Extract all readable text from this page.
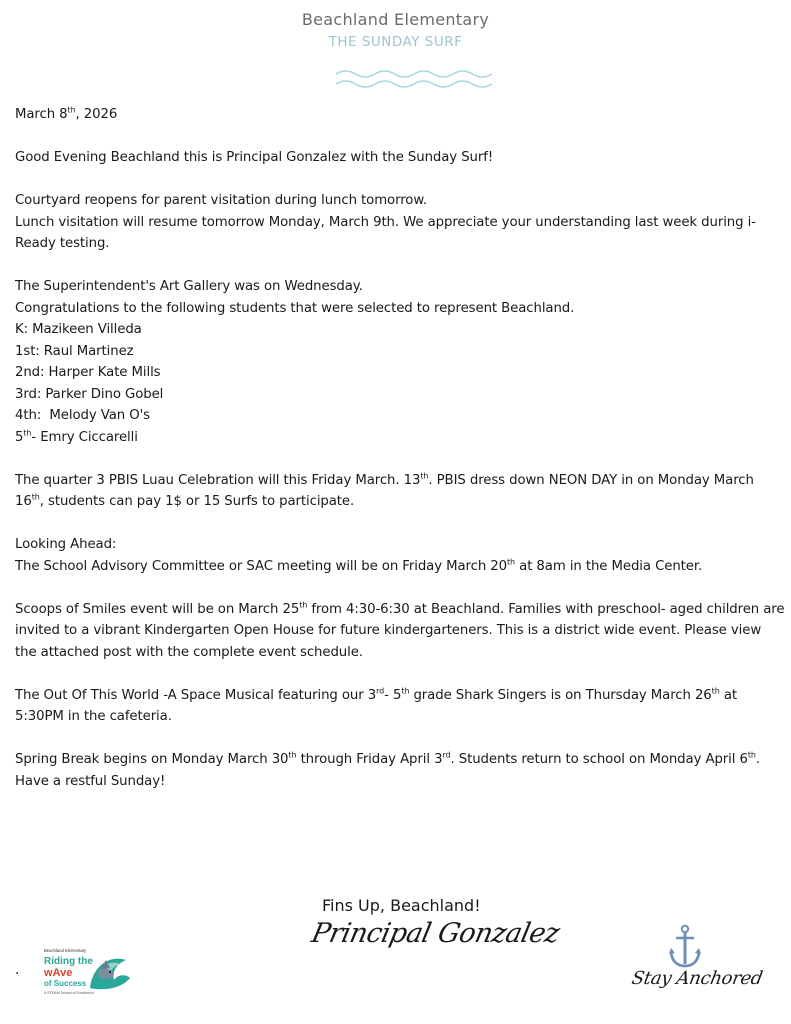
Beachland Elementary
THE SUNDAY SURF

March 8th, 2026

Good Evening Beachland this is Principal Gonzalez with the Sunday Surf!

Courtyard reopens for parent visitation during lunch tomorrow.
Lunch visitation will resume tomorrow Monday, March 9th. We appreciate your understanding last week during i-Ready testing.

The Superintendent's Art Gallery was on Wednesday.

Congratulations to the following students that were selected to represent Beachland.

K: Mazikeen Villeda

1st: Raul Martinez

2nd: Harper Kate Mills

3rd: Parker Dino Gobel

4th:  Melody Van O's

5th- Emry Ciccarelli

The quarter 3 PBIS Luau Celebration will this Friday March. 13th. PBIS dress down NEON DAY in on Monday March 16th, students can pay 1$ or 15 Surfs to participate.

Looking Ahead:

The School Advisory Committee or SAC meeting will be on Friday March 20th at 8am in the Media Center.

Scoops of Smiles event will be on March 25th from 4:30-6:30 at Beachland. Families with preschool- aged children are invited to a vibrant Kindergarten Open House for future kindergarteners. This is a district wide event. Please view the attached post with the complete event schedule.

The Out Of This World -A Space Musical featuring our 3rd- 5th grade Shark Singers is on Thursday March 26th at 5:30PM in the cafeteria.

Spring Break begins on Monday March 30th through Friday April 3rd. Students return to school on Monday April 6th.

Have a restful Sunday!

Fins Up, Beachland!
Principal Gonzalez
.
Beachland Elementary
Riding the
wAve
of Success
A STEAM School of Excellence
Stay Anchored
